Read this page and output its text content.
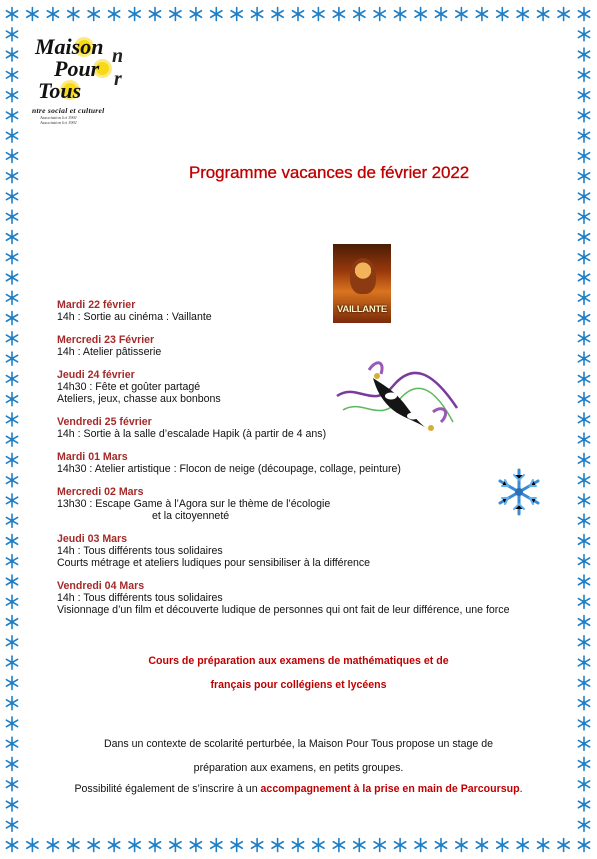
Maison
Pour
Tous
n
r
ntre social et culturel
Association loi 1901
Association loi 1901
Programme vacances de février 2022
VAILLANTE
Mardi 22 février
14h : Sortie au cinéma : Vaillante
Mercredi 23 Février
14h : Atelier pâtisserie
Jeudi 24 février
14h30 : Fête et goûter partagé
Ateliers, jeux, chasse aux bonbons
Vendredi 25 février
14h : Sortie à la salle d’escalade Hapik (à partir de 4 ans)
Mardi 01 Mars
14h30 : Atelier artistique : Flocon de neige (découpage, collage, peinture)
Mercredi 02 Mars
13h30 : Escape Game à l’Agora sur le thème de l’écologie
et la citoyenneté
Jeudi 03 Mars
14h : Tous différents tous solidaires
Courts métrage et ateliers ludiques pour sensibiliser à la différence
Vendredi 04 Mars
14h : Tous différents tous solidaires
Visionnage d’un film et découverte ludique de personnes qui ont fait de leur différence, une force
Cours de préparation aux examens de mathématiques et de
français pour collégiens et lycéens
Dans un contexte de scolarité perturbée, la Maison Pour Tous propose un stage de
préparation aux examens, en petits groupes.
Possibilité également de s’inscrire à un accompagnement à la prise en main de Parcoursup.
